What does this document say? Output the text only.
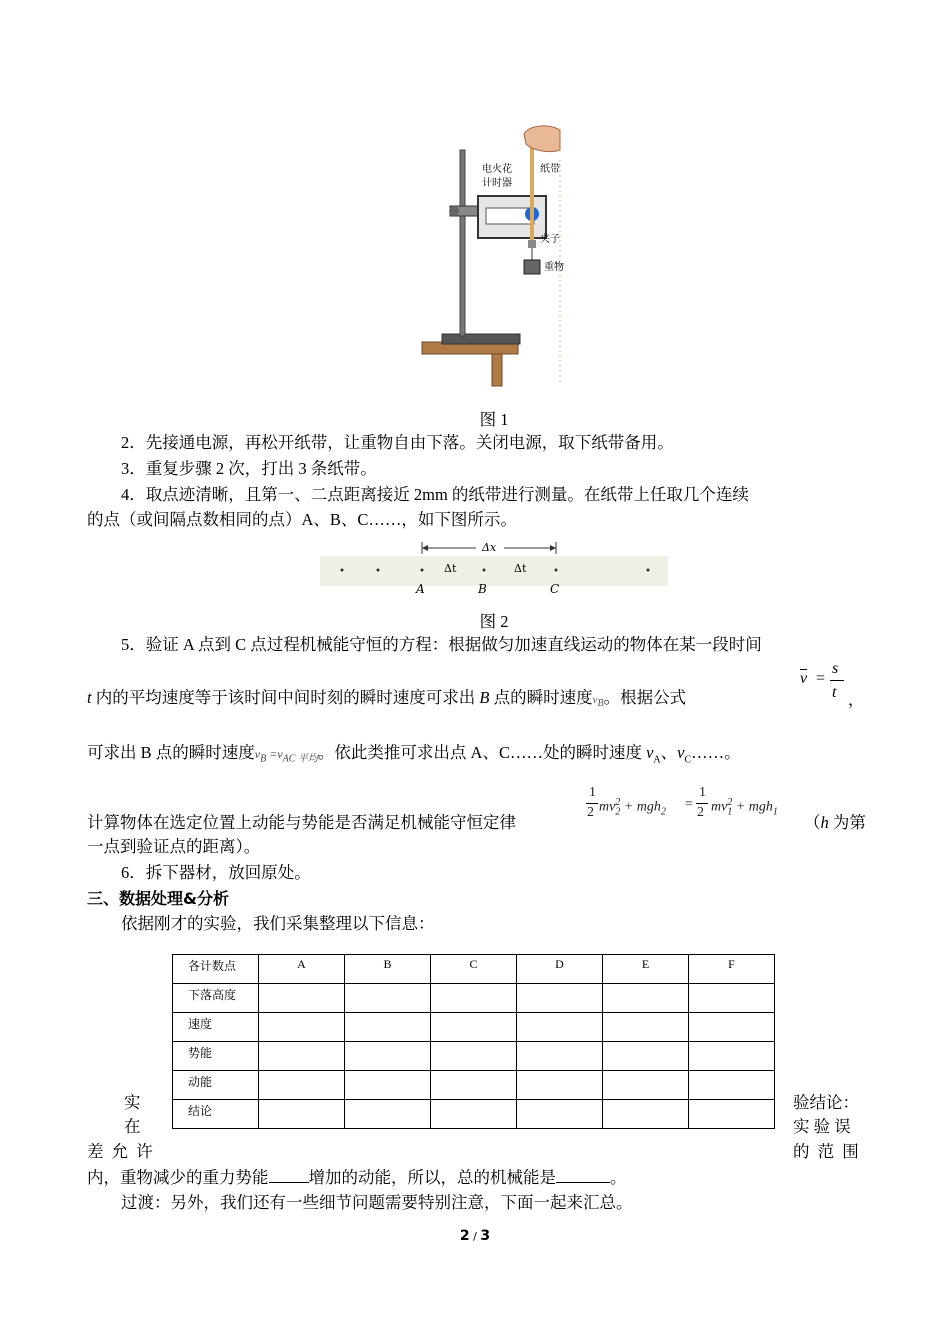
电火花
计时器
纸带
夹子
重物
图 1
2．先接通电源，再松开纸带，让重物自由下落。关闭电源，取下纸带备用。
3．重复步骤 2 次，打出 3 条纸带。
4．取点迹清晰，且第一、二点距离接近 2mm 的纸带进行测量。在纸带上任取几个连续
的点（或间隔点数相同的点）A、B、C……，如下图所示。
Δx
Δt	Δt
A	B	C
图 2
5．验证 A 点到 C 点过程机械能守恒的方程：根据做匀加速直线运动的物体在某一段时间
t 内的平均速度等于该时间中间时刻的瞬时速度可求出 B 点的瞬时速度$v_B$。根据公式
$\overline{v}$ =
s
t ，
可求出 B 点的瞬时速度$v_B =v_{AC 平均}$。依此类推可求出点 A、C……处的瞬时速度 $v_A$、$v_C\dots\dots$。
1
2 $mv_2^2 + mgh_2$ =
1
2 $mv_1^2 + mgh_1$
计算物体在选定位置上动能与势能是否满足机械能守恒定律	（h 为第
一点到验证点的距离）。
6．拆下器材，放回原处。
三、数据处理&分析
依据刚才的实验，我们采集整理以下信息：
各计数点	A	B	C	D	E	F
下落高度						
速度						
势能						
动能						
结论						
实	验结论：
在	实 验 误
差 允 许	的 范 围
内，重物减少的重力势能 增加的动能，所以，总的机械能是	。
过渡：另外，我们还有一些细节问题需要特别注意，下面一起来汇总。
2 / 3
